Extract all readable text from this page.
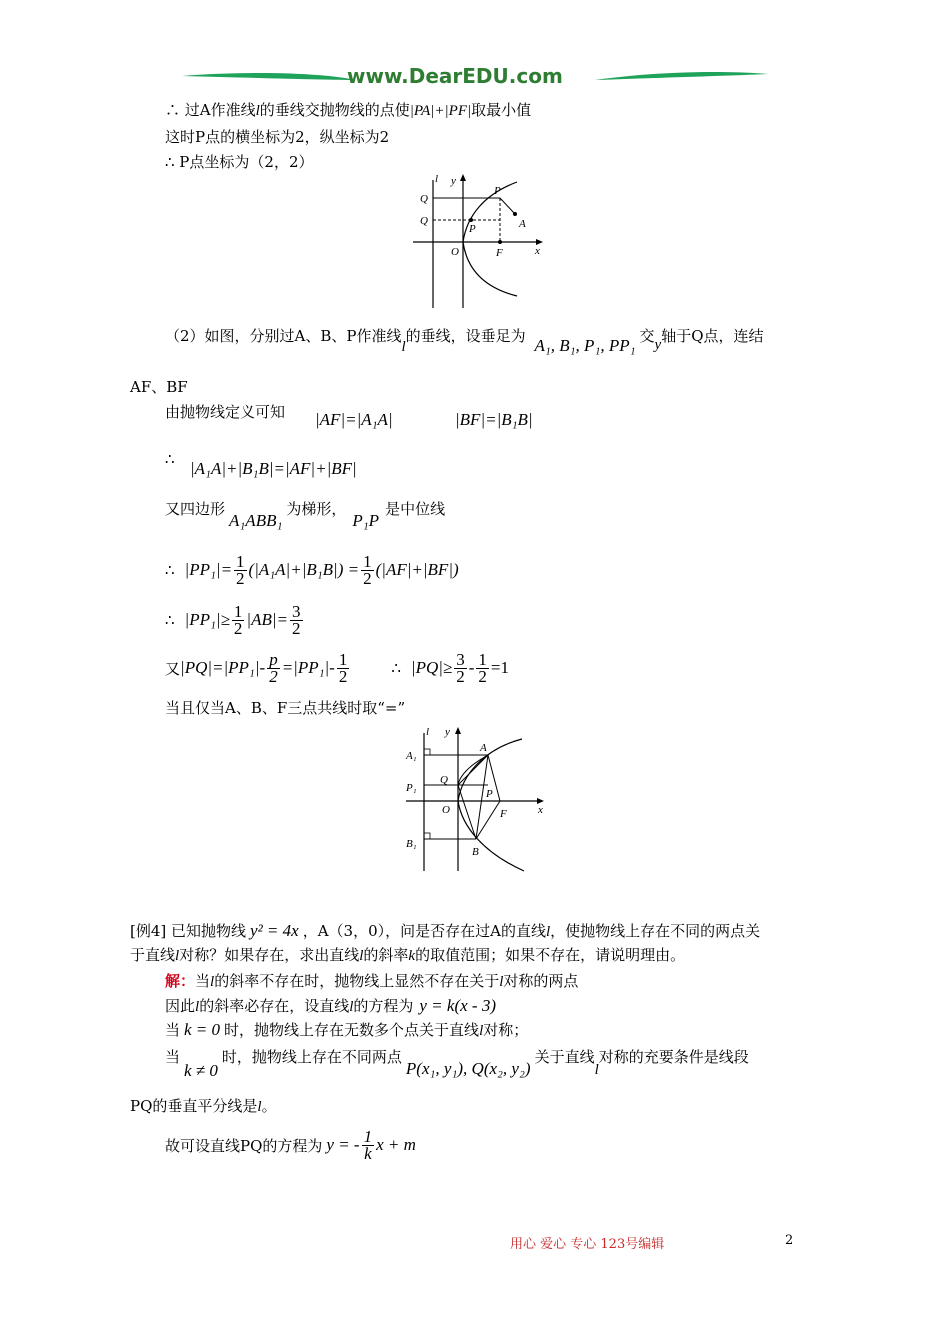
www.DearEDU.com
∴ 过A作准线l的垂线交抛物线的点使|PA|+|PF|取最小值
这时P点的横坐标为2，纵坐标为2
∴ P点坐标为（2，2）
l y
Q
Q
P
P	A
O	F	x
（2）如图，分别过A、B、P作准线l的垂线，设垂足为 A₁, B₁, P₁, PP₁ 交y轴于Q点，连结
AF、BF
由抛物线定义可知 |AF|=|A₁A|	|BF|=|B₁B|
∴ |A₁A|+|B₁B|=|AF|+|BF|
又四边形A₁ABB₁为梯形，P₁P是中位线
∴ $|PP_1|= \frac{1}{2} (|A_1A|+|B_1B|) = \frac{1}{2} (|AF|+|BF|)$
∴ $|PP_1|\ge \frac{1}{2} |AB|= \frac{3}{2}$
又 $|PQ|=|PP_1|- \frac{p}{2} =|PP_1|- \frac{1}{2}$	∴ $|PQ|\ge \frac{3}{2} - \frac{1}{2} =1$
当且仅当A、B、F三点共线时取“=”
l y
A₁
A
Q
P₁	P
O	F	x
B₁
B
[例4] 已知抛物线 y² = 4x ，A（3，0），问是否存在过A的直线l，使抛物线上存在不同的两点关
于直线l对称？如果存在，求出直线l的斜率k的取值范围；如果不存在，请说明理由。
解：当l的斜率不存在时，抛物线上显然不存在关于l对称的两点
因此l的斜率必存在，设直线l的方程为 y = k(x - 3)
当 k = 0 时，抛物线上存在无数多个点关于直线l对称；
当k ≠ 0时，抛物线上存在不同两点P(x₁, y₁), Q(x₂, y₂)关于直线l对称的充要条件是线段
PQ的垂直平分线是l。
故可设直线PQ的方程为 y = - $\frac{1}{k}$ x + m
用心 爱心 专心 123号编辑	2
